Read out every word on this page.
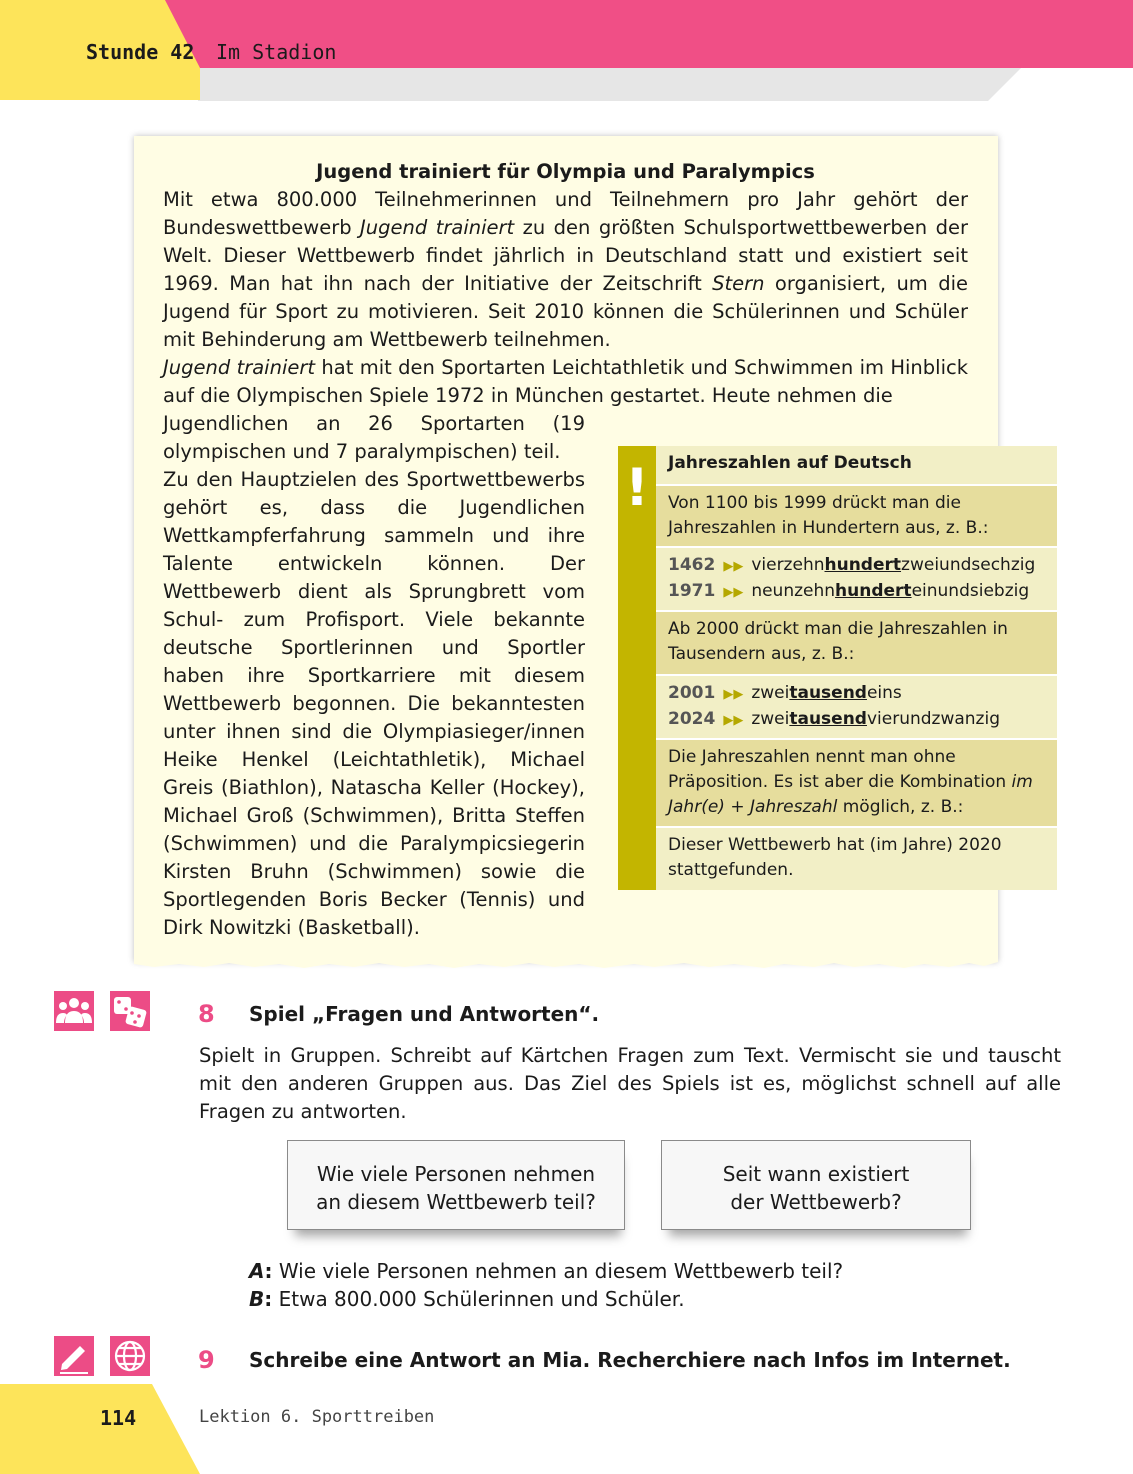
Stunde 42 Im Stadion
Jugend trainiert für Olympia und Paralympics
Mit etwa 800.000 Teilnehmerinnen und Teilnehmern pro Jahr gehört der Bundeswettbewerb Jugend trainiert zu den größten Schulsportwettbewerben der Welt. Dieser Wettbewerb findet jährlich in Deutschland statt und existiert seit 1969. Man hat ihn nach der Initiative der Zeitschrift Stern organisiert, um die Jugend für Sport zu motivieren. Seit 2010 können die Schülerinnen und Schüler mit Behinderung am Wettbewerb teilnehmen.
Jugend trainiert hat mit den Sportarten Leichtathletik und Schwimmen im Hinblick auf die Olympischen Spiele 1972 in München gestartet. Heute nehmen die
Jugendlichen an 26 Sportarten (19 olympischen und 7 paralympischen) teil.
Zu den Hauptzielen des Sportwettbewerbs gehört es, dass die Jugendlichen Wettkampferfahrung sammeln und ihre Talente entwickeln können. Der Wettbewerb dient als Sprungbrett vom Schul- zum Profisport. Viele bekannte deutsche Sportlerinnen und Sportler haben ihre Sportkarriere mit diesem Wettbewerb begonnen. Die bekanntesten unter ihnen sind die Olympiasieger/innen Heike Henkel (Leichtathletik), Michael Greis (Biathlon), Natascha Keller (Hockey), Michael Groß (Schwimmen), Britta Steffen (Schwimmen) und die Paralympicsiegerin Kirsten Bruhn (Schwimmen) sowie die Sportlegenden Boris Becker (Tennis) und Dirk Nowitzki (Basketball).
!	Jahreszahlen auf Deutsch
Von 1100 bis 1999 drückt man die Jahreszahlen in Hundertern aus, z. B.:
1462 ▶▶ vierzehnhundertzweiundsechzig
1971 ▶▶ neunzehnhunderteinundsiebzig
Ab 2000 drückt man die Jahreszahlen in Tausendern aus, z. B.:
2001 ▶▶ zweitausendeins
2024 ▶▶ zweitausendvierundzwanzig
Die Jahreszahlen nennt man ohne Präposition. Es ist aber die Kombination im Jahr(e) + Jahreszahl möglich, z. B.:
Dieser Wettbewerb hat (im Jahre) 2020 stattgefunden.
8 Spiel „Fragen und Antworten“.
Spielt in Gruppen. Schreibt auf Kärtchen Fragen zum Text. Vermischt sie und tauscht mit den anderen Gruppen aus. Das Ziel des Spiels ist es, möglichst schnell auf alle Fragen zu antworten.
Wie viele Personen nehmen
an diesem Wettbewerb teil?
Seit wann existiert
der Wettbewerb?
A: Wie viele Personen nehmen an diesem Wettbewerb teil?
B: Etwa 800.000 Schülerinnen und Schüler.
9 Schreibe eine Antwort an Mia. Recherchiere nach Infos im Internet.
114	Lektion 6. Sporttreiben
